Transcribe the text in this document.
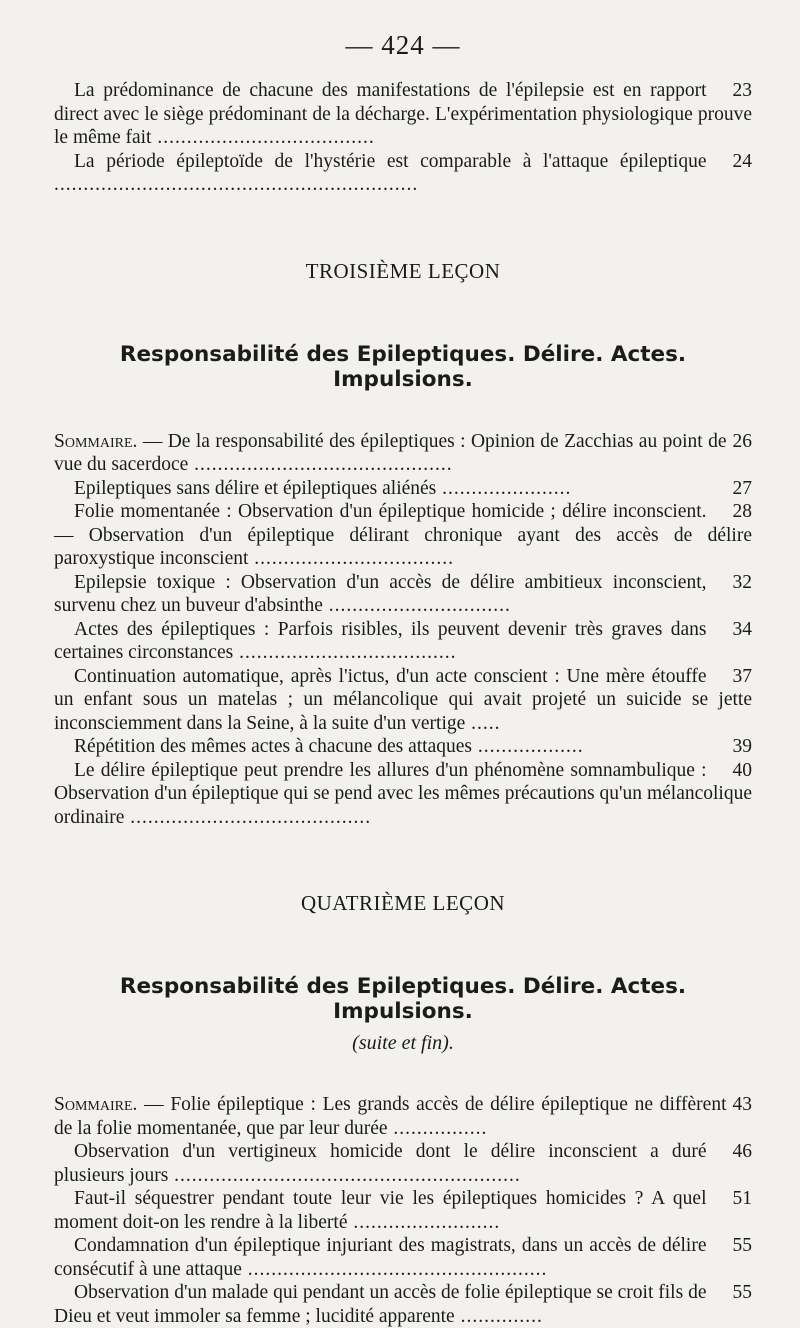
— 424 —

23
La prédominance de chacune des manifestations de l'épilepsie est en rapport direct avec le siège prédominant de la décharge. L'expérimentation physiologique prouve le même fait .....................................

24
La période épileptoïde de l'hystérie est comparable à l'attaque épileptique ..............................................................

TROISIÈME LEÇON
Responsabilité des Epileptiques. Délire. Actes. Impulsions.

26
Sommaire. — De la responsabilité des épileptiques : Opinion de Zacchias au point de vue du sacerdoce ............................................

27
Epileptiques sans délire et épileptiques aliénés ......................

28
Folie momentanée : Observation d'un épileptique homicide ; délire inconscient. — Observation d'un épileptique délirant chronique ayant des accès de délire paroxystique inconscient ..................................

32
Epilepsie toxique : Observation d'un accès de délire ambitieux inconscient, survenu chez un buveur d'absinthe ...............................

34
Actes des épileptiques : Parfois risibles, ils peuvent devenir très graves dans certaines circonstances .....................................

37
Continuation automatique, après l'ictus, d'un acte conscient : Une mère étouffe un enfant sous un matelas ; un mélancolique qui avait projeté un suicide se jette inconsciemment dans la Seine, à la suite d'un vertige .....

39
Répétition des mêmes actes à chacune des attaques ..................

40
Le délire épileptique peut prendre les allures d'un phénomène somnambulique : Observation d'un épileptique qui se pend avec les mêmes précautions qu'un mélancolique ordinaire .........................................

QUATRIÈME LEÇON
Responsabilité des Epileptiques. Délire. Actes. Impulsions.
(suite et fin).

43
Sommaire. — Folie épileptique : Les grands accès de délire épileptique ne diffèrent de la folie momentanée, que par leur durée ................

46
Observation d'un vertigineux homicide dont le délire inconscient a duré plusieurs jours ...........................................................

51
Faut-il séquestrer pendant toute leur vie les épileptiques homicides ? A quel moment doit-on les rendre à la liberté .........................

55
Condamnation d'un épileptique injuriant des magistrats, dans un accès de délire consécutif à une attaque ...................................................

55
Observation d'un malade qui pendant un accès de folie épileptique se croit fils de Dieu et veut immoler sa femme ; lucidité apparente ..............
